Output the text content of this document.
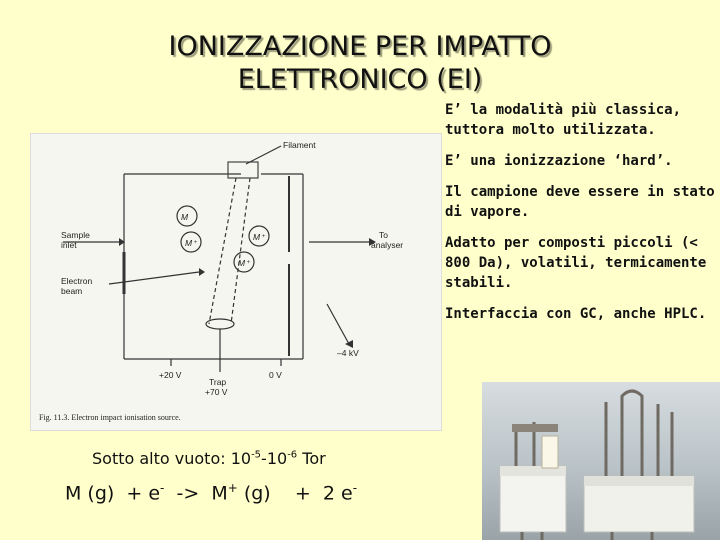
IONIZZAZIONE PER IMPATTO
ELETTRONICO (EI)

E’ la modalità più classica, tuttora molto utilizzata.

E’ una ionizzazione ‘hard’.

Il campione deve essere in stato di vapore.

Adatto per composti piccoli (< 800 Da), volatili, termicamente stabili.

Interfaccia con GC, anche HPLC.

Filament
Sample
inlet
To
analyser
Electron
beam
M
M⁺
M⁺
M⁺
+20 V	0 V
–4 kV
Trap
+70 V
Fig. 11.3. Electron impact ionisation source.
Sotto alto vuoto: $10^{-5}-10^{-6}$ Tor
M (g)  + e-  ->  M+ (g)    +  2 e-
